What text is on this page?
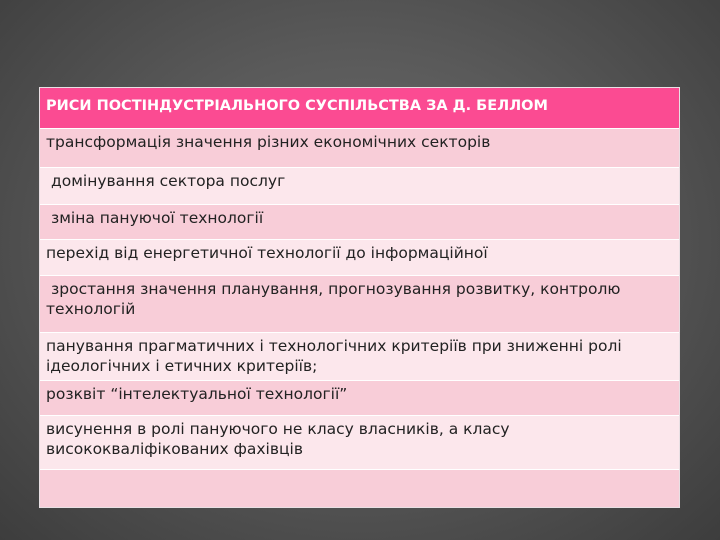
РИСИ ПОСТІНДУСТРІАЛЬНОГО СУСПІЛЬСТВА ЗА Д. БЕЛЛОМ
трансформація значення різних економічних секторів
домінування сектора послуг
зміна пануючої технології
перехід від енергетичної технології до інформаційної
зростання значення планування, прогнозування розвитку, контролю технологій
панування прагматичних і технологічних критеріїв при зниженні ролі ідеологічних і етичних критеріїв;
розквіт “інтелектуальної технології”
висунення в ролі пануючого не класу власників, а класу висококваліфікованих фахівців
